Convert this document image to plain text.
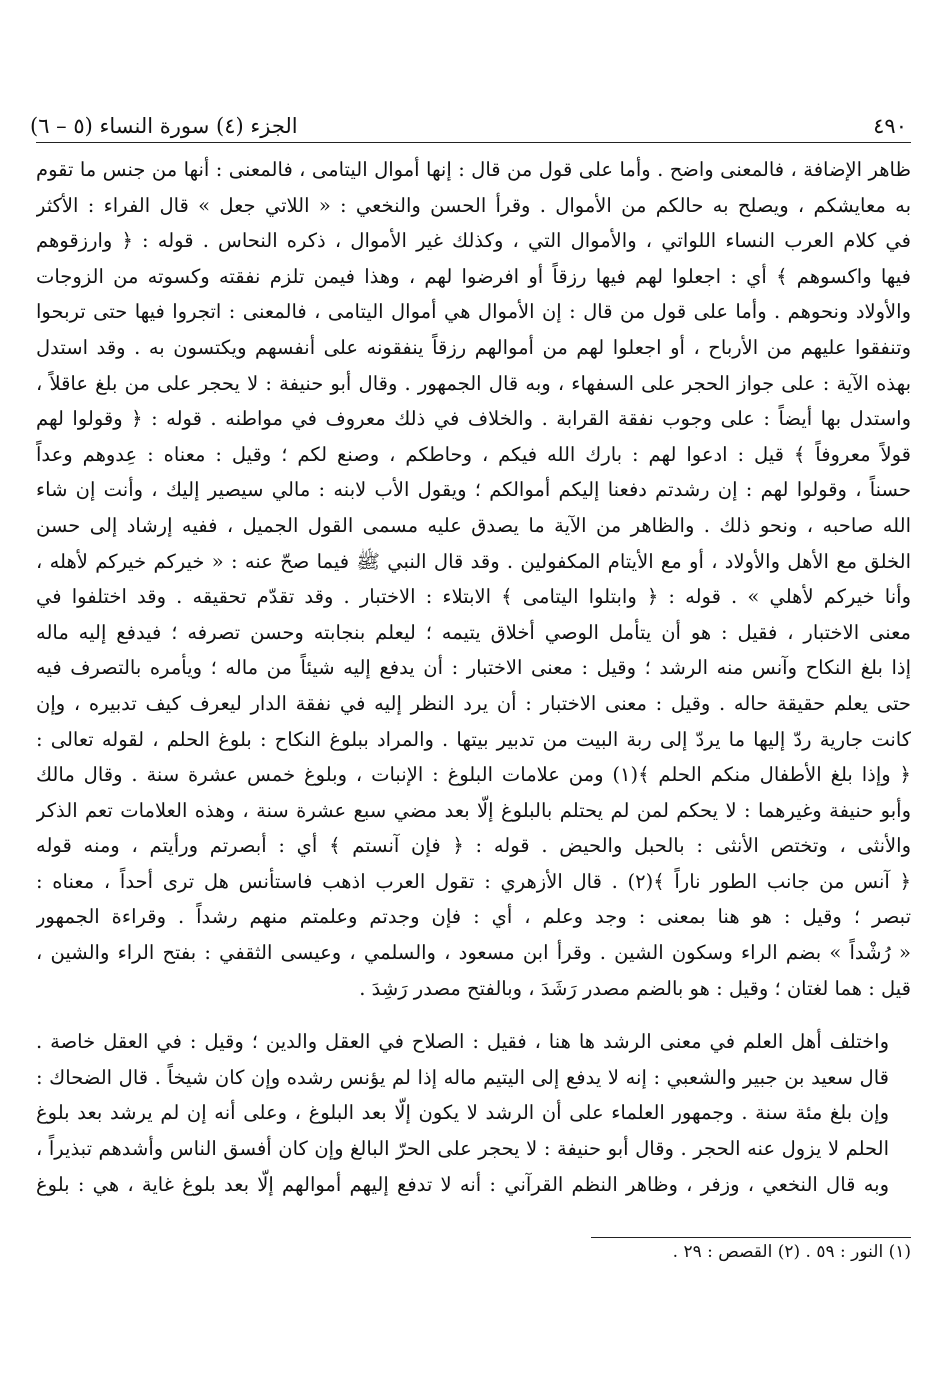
٤٩٠
الجزء (٤) سورة النساء (٥ – ٦)
ظاهر الإضافة ، فالمعنى واضح . وأما على قول من قال : إنها أموال اليتامى ، فالمعنى : أنها من جنس ما تقوم
به معايشكم ، ويصلح به حالكم من الأموال . وقرأ الحسن والنخعي : « اللاتي جعل » قال الفراء : الأكثر
في كلام العرب النساء اللواتي ، والأموال التي ، وكذلك غير الأموال ، ذكره النحاس . قوله : ﴿ وارزقوهم
فيها واكسوهم ﴾ أي : اجعلوا لهم فيها رزقاً أو افرضوا لهم ، وهذا فيمن تلزم نفقته وكسوته من الزوجات
والأولاد ونحوهم . وأما على قول من قال : إن الأموال هي أموال اليتامى ، فالمعنى : اتجروا فيها حتى تربحوا
وتنفقوا عليهم من الأرباح ، أو اجعلوا لهم من أموالهم رزقاً ينفقونه على أنفسهم ويكتسون به . وقد استدل
بهذه الآية : على جواز الحجر على السفهاء ، وبه قال الجمهور . وقال أبو حنيفة : لا يحجر على من بلغ عاقلاً ،
واستدل بها أيضاً : على وجوب نفقة القرابة . والخلاف في ذلك معروف في مواطنه . قوله : ﴿ وقولوا لهم
قولاً معروفاً ﴾ قيل : ادعوا لهم : بارك الله فيكم ، وحاطكم ، وصنع لكم ؛ وقيل : معناه : عِدوهم وعداً
حسناً ، وقولوا لهم : إن رشدتم دفعنا إليكم أموالكم ؛ ويقول الأب لابنه : مالي سيصير إليك ، وأنت إن شاء
الله صاحبه ، ونحو ذلك . والظاهر من الآية ما يصدق عليه مسمى القول الجميل ، ففيه إرشاد إلى حسن
الخلق مع الأهل والأولاد ، أو مع الأيتام المكفولين . وقد قال النبي ﷺ فيما صحّ عنه : « خيركم خيركم لأهله ،
وأنا خيركم لأهلي » . قوله : ﴿ وابتلوا اليتامى ﴾ الابتلاء : الاختبار . وقد تقدّم تحقيقه . وقد اختلفوا في
معنى الاختبار ، فقيل : هو أن يتأمل الوصي أخلاق يتيمه ؛ ليعلم بنجابته وحسن تصرفه ؛ فيدفع إليه ماله
إذا بلغ النكاح وآنس منه الرشد ؛ وقيل : معنى الاختبار : أن يدفع إليه شيئاً من ماله ؛ ويأمره بالتصرف فيه
حتى يعلم حقيقة حاله . وقيل : معنى الاختبار : أن يرد النظر إليه في نفقة الدار ليعرف كيف تدبيره ، وإن
كانت جارية ردّ إليها ما يردّ إلى ربة البيت من تدبير بيتها . والمراد ببلوغ النكاح : بلوغ الحلم ، لقوله تعالى :
﴿ وإذا بلغ الأطفال منكم الحلم ﴾(١) ومن علامات البلوغ : الإنبات ، وبلوغ خمس عشرة سنة . وقال مالك
وأبو حنيفة وغيرهما : لا يحكم لمن لم يحتلم بالبلوغ إلّا بعد مضي سبع عشرة سنة ، وهذه العلامات تعم الذكر
والأنثى ، وتختص الأنثى : بالحبل والحيض . قوله : ﴿ فإن آنستم ﴾ أي : أبصرتم ورأيتم ، ومنه قوله
﴿ آنس من جانب الطور ناراً ﴾(٢) . قال الأزهري : تقول العرب اذهب فاستأنس هل ترى أحداً ، معناه :
تبصر ؛ وقيل : هو هنا بمعنى : وجد وعلم ، أي : فإن وجدتم وعلمتم منهم رشداً . وقراءة الجمهور
« رُشْداً » بضم الراء وسكون الشين . وقرأ ابن مسعود ، والسلمي ، وعيسى الثقفي : بفتح الراء والشين ،
قيل : هما لغتان ؛ وقيل : هو بالضم مصدر رَشَدَ ، وبالفتح مصدر رَشِدَ .
واختلف أهل العلم في معنى الرشد ها هنا ، فقيل : الصلاح في العقل والدين ؛ وقيل : في العقل خاصة .
قال سعيد بن جبير والشعبي : إنه لا يدفع إلى اليتيم ماله إذا لم يؤنس رشده وإن كان شيخاً . قال الضحاك :
وإن بلغ مئة سنة . وجمهور العلماء على أن الرشد لا يكون إلّا بعد البلوغ ، وعلى أنه إن لم يرشد بعد بلوغ
الحلم لا يزول عنه الحجر . وقال أبو حنيفة : لا يحجر على الحرّ البالغ وإن كان أفسق الناس وأشدهم تبذيراً ،
وبه قال النخعي ، وزفر ، وظاهر النظم القرآني : أنه لا تدفع إليهم أموالهم إلّا بعد بلوغ غاية ، هي : بلوغ
(١) النور : ٥٩ . (٢) القصص : ٢٩ .
